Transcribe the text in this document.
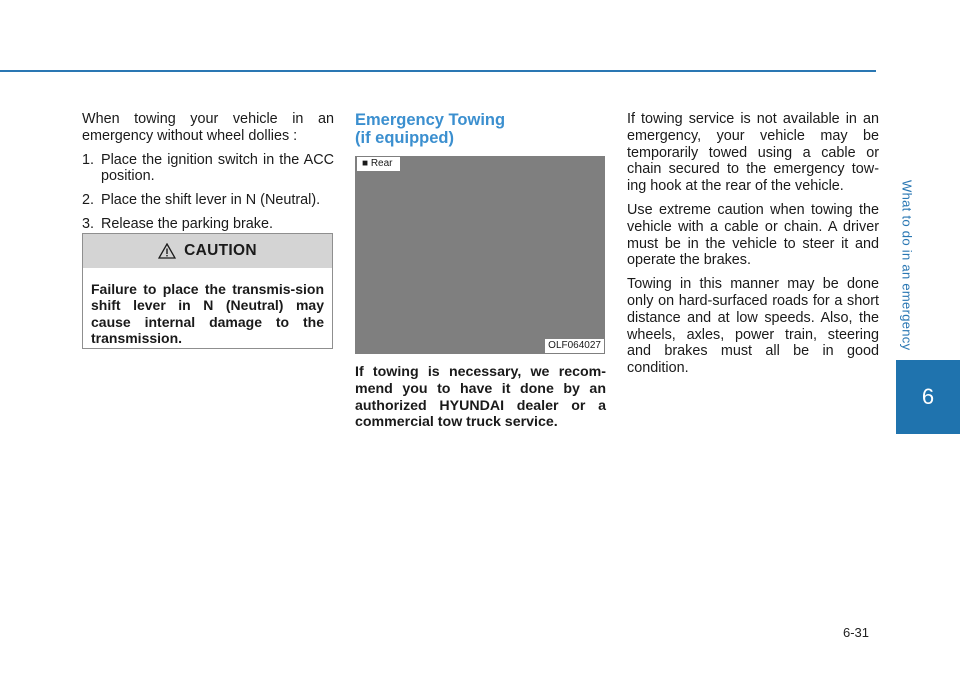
What to do in an emergency
6

When towing your vehicle in an emergency without wheel dollies :

1. Place the ignition switch in the ACC position.
2. Place the shift lever in N (Neutral).
3. Release the parking brake.
CAUTION
Failure to place the transmis-sion shift lever in N (Neutral) may cause internal damage to the transmission.
Emergency Towing
(if equipped)
■ Rear
OLF064027
If towing is necessary, we recom-mend you to have it done by an authorized HYUNDAI dealer or a commercial tow truck service.

If towing service is not available in an emergency, your vehicle may be temporarily towed using a cable or chain secured to the emergency tow-ing hook at the rear of the vehicle.

Use extreme caution when towing the vehicle with a cable or chain. A driver must be in the vehicle to steer it and operate the brakes.

Towing in this manner may be done only on hard-surfaced roads for a short distance and at low speeds. Also, the wheels, axles, power train, steering and brakes must all be in good condition.

6-31
